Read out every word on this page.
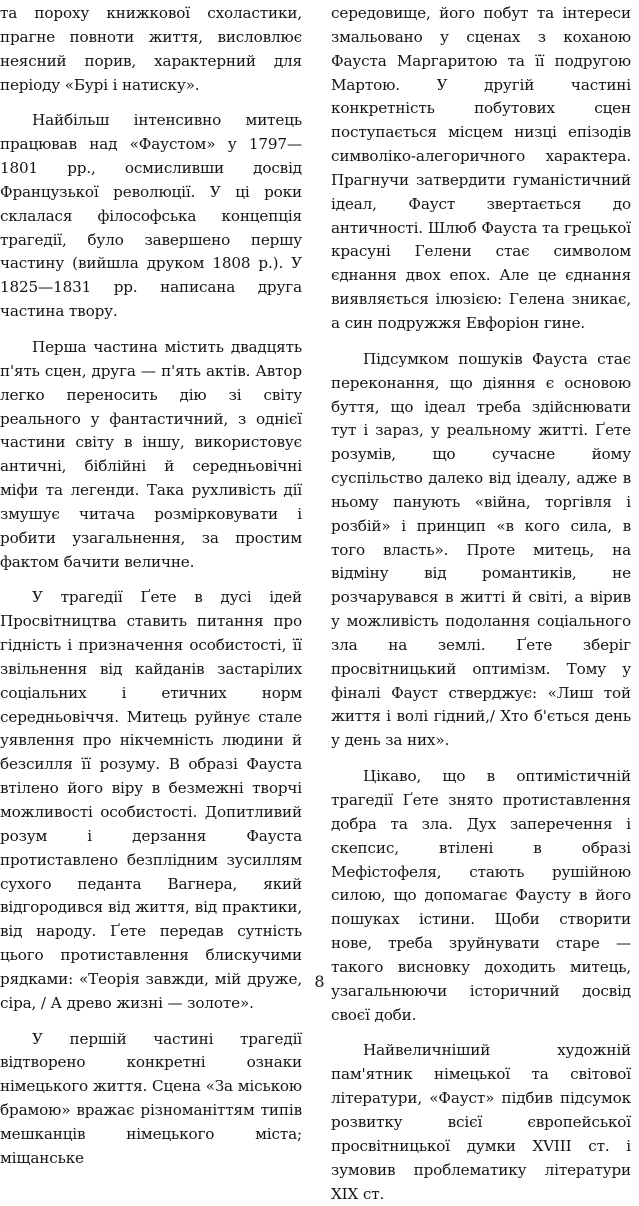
та пороху книжкової схоластики, прагне повноти життя, висловлює неясний порив, характерний для періоду «Бурі і натиску».

Найбільш інтенсивно митець працював над «Фаустом» у 1797—1801 рр., осмисливши досвід Французької революції. У ці роки склалася філософська концепція трагедії, було завершено першу частину (вийшла друком 1808 р.). У 1825—1831 рр. написана друга частина твору.

Перша частина містить двадцять п'ять сцен, друга — п'ять актів. Автор легко переносить дію зі світу реального у фантастичний, з однієї частини світу в іншу, використовує античні, біблійні й середньовічні міфи та легенди. Така рухливість дії змушує читача розмірковувати і робити узагальнення, за простим фактом бачити величне.

У трагедії Ґете в дусі ідей Просвітництва ставить питання про гідність і призначення особистості, її звільнення від кайданів застарілих соціальних і етичних норм середньовіччя. Митець руйнує стале уявлення про нікчемність людини й безсилля її розуму. В образі Фауста втілено його віру в безмежні творчі можливості особистості. Допитливий розум і дерзання Фауста протиставлено безплідним зусиллям сухого педанта Вагнера, який відгородився від життя, від практики, від народу. Ґете передав сутність цього протиставлення блискучими рядками: «Теорія завжди, мій друже, сіра, / А древо жизні — золоте».

У першій частині трагедії відтворено конкретні ознаки німецького життя. Сцена «За міською брамою» вражає різноманіттям типів мешканців німецького міста; міщанське

середовище, його побут та інтереси змальовано у сценах з коханою Фауста Маргаритою та її подругою Мартою. У другій частині конкретність побутових сцен поступається місцем низці епізодів символіко-алегоричного характера. Прагнучи затвердити гуманістичний ідеал, Фауст звертається до античності. Шлюб Фауста та грецької красуні Гелени стає символом єднання двох епох. Але це єднання виявляється ілюзією: Гелена зникає, а син подружжя Евфоріон гине.

Підсумком пошуків Фауста стає переконання, що діяння є основою буття, що ідеал треба здійснювати тут і зараз, у реальному житті. Ґете розумів, що сучасне йому суспільство далеко від ідеалу, адже в ньому панують «війна, торгівля і розбій» і принцип «в кого сила, в того власть». Проте митець, на відміну від романтиків, не розчарувався в житті й світі, а вірив у можливість подолання соціального зла на землі. Ґете зберіг просвітницький оптимізм. Тому у фіналі Фауст стверджує: «Лиш той життя і волі гідний,/ Хто б'ється день у день за них».

Цікаво, що в оптимістичній трагедії Ґете знято протиставлення добра та зла. Дух заперечення і скепсис, втілені в образі Мефістофеля, стають рушійною силою, що допомагає Фаусту в його пошуках істини. Щоби створити нове, треба зруйнувати старе — такого висновку доходить митець, узагальнюючи історичний досвід своєї доби.

Найвеличніший художній пам'ятник німецької та світової літератури, «Фауст» підбив підсумок розвитку всієї європейської просвітницької думки XVIII ст. і зумовив проблематику літератури XIX ст.

8
